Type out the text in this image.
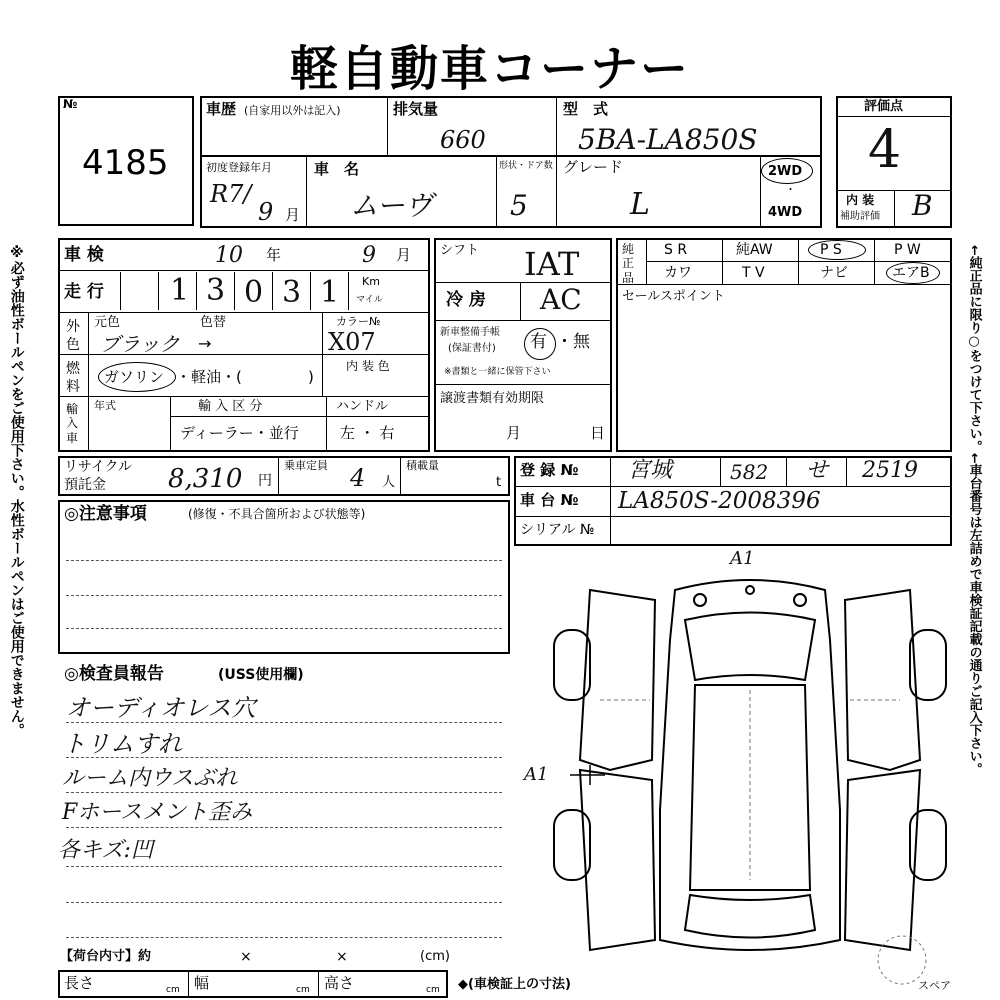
軽自動車コーナー
※必ず油性ボールペンをご使用下さい。水性ボールペンはご使用できません。	←純正品に限り○をつけて下さい。←車台番号は左詰めで車検証記載の通りご記入下さい。
№
4185
車歴 (自家用以外は記入)	排気量
660
型　式
5BA-LA850S
初度登録年月
R7/
9 月
車　名
ムーヴ
形状・ドア数
5
グレード
L
2WD
・
4WD
評価点
4
内 装
補助評価 B
車 検	10 年	9 月
走 行 1 3 0 3 1 Km
マイル
外色
元色	色替
ブラック →
カラー№
X07
燃料
ガソリン ・軽油・(	)
内 装 色
輸入車
年式	輸 入 区 分
ディーラー・並行
ハンドル
左 ・ 右
シフト IAT
冷 房 AC
新車整備手帳
(保証書付) 有 ・無
※書類と一緒に保管下さい
譲渡書類有効期限
月	日
純正品
S R	純AW	P S	P W
カワ	T V	ナビ	エアB
セールスポイント
リサイクル
預託金 8,310 円
乗車定員 4 人
積載量
t
登 録 № 宮城	582 せ 2519
車 台 № LA850S-2008396
シリアル №
◎注意事項	(修復・不具合箇所および状態等)
◎検査員報告	(USS使用欄)
オーディオレス穴
トリムすれ
ルーム内ウスぶれ
Fホースメント歪み
各キズ:凹
【荷台内寸】約	×	×	(cm)
長さ	cm 幅	cm 高さ	cm ◆(車検証上の寸法)
A1
A1
スペア
